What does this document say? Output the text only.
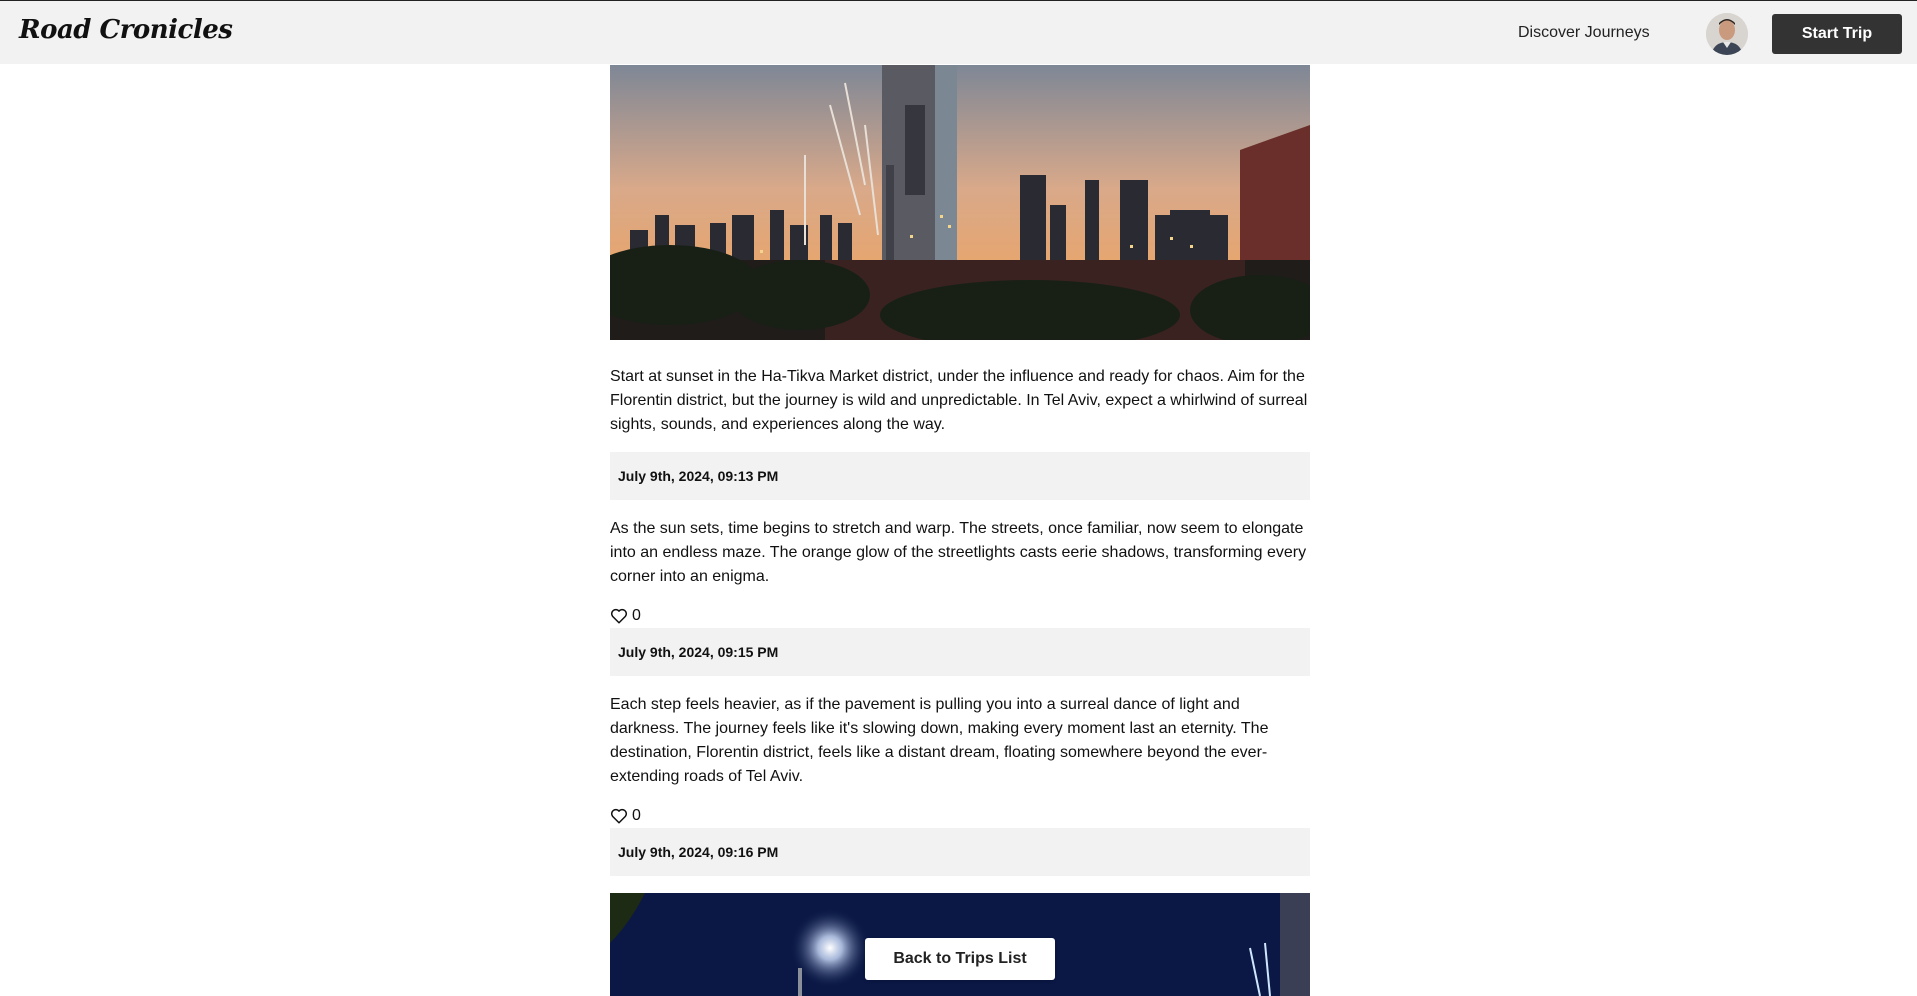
Road Cronicles	Discover Journeys	Start Trip

Start at sunset in the Ha-Tikva Market district, under the influence and ready for chaos. Aim for the Florentin district, but the journey is wild and unpredictable. In Tel Aviv, expect a whirlwind of surreal sights, sounds, and experiences along the way.

July 9th, 2024, 09:13 PM

As the sun sets, time begins to stretch and warp. The streets, once familiar, now seem to elongate into an endless maze. The orange glow of the streetlights casts eerie shadows, transforming every corner into an enigma.

0
July 9th, 2024, 09:15 PM

Each step feels heavier, as if the pavement is pulling you into a surreal dance of light and darkness. The journey feels like it's slowing down, making every moment last an eternity. The destination, Florentin district, feels like a distant dream, floating somewhere beyond the ever-extending roads of Tel Aviv.

0
July 9th, 2024, 09:16 PM
Back to Trips List
